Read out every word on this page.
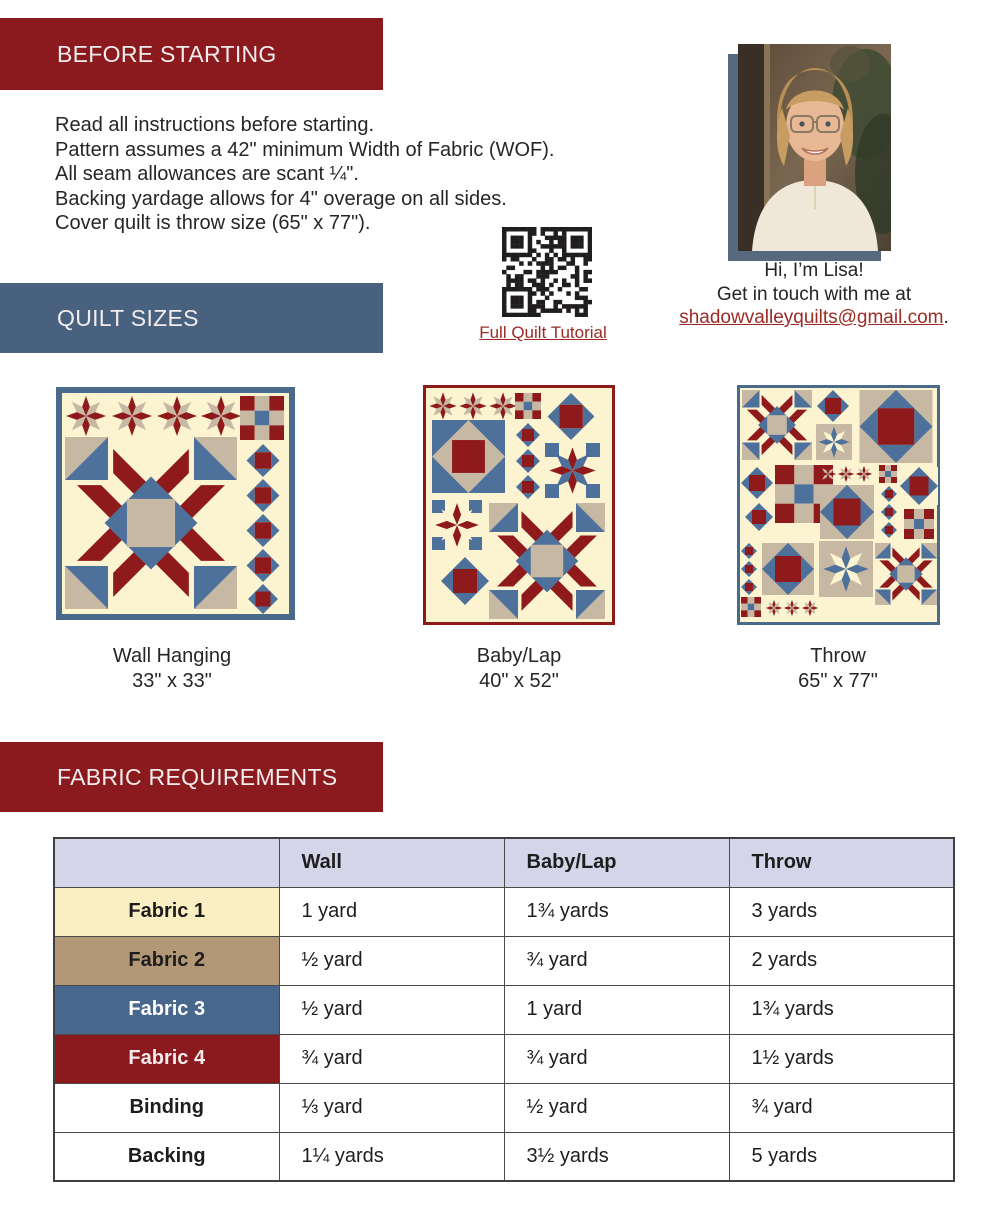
BEFORE STARTING
Read all instructions before starting.
Pattern assumes a 42" minimum Width of Fabric (WOF).
All seam allowances are scant ¼".
Backing yardage allows for 4" overage on all sides.
Cover quilt is throw size (65" x 77").
Hi, I’m Lisa!
Get in touch with me at
shadowvalleyquilts@gmail.com.
Full Quilt Tutorial
QUILT SIZES
Wall Hanging
33" x 33"
Baby/Lap
40" x 52"
Throw
65" x 77"
FABRIC REQUIREMENTS
	Wall	Baby/Lap	Throw
Fabric 1	1 yard	1¾ yards	3 yards
Fabric 2	½ yard	¾ yard	2 yards
Fabric 3	½ yard	1 yard	1¾ yards
Fabric 4	¾ yard	¾ yard	1½ yards
Binding	⅓ yard	½ yard	¾ yard
Backing	1¼ yards	3½ yards	5 yards
